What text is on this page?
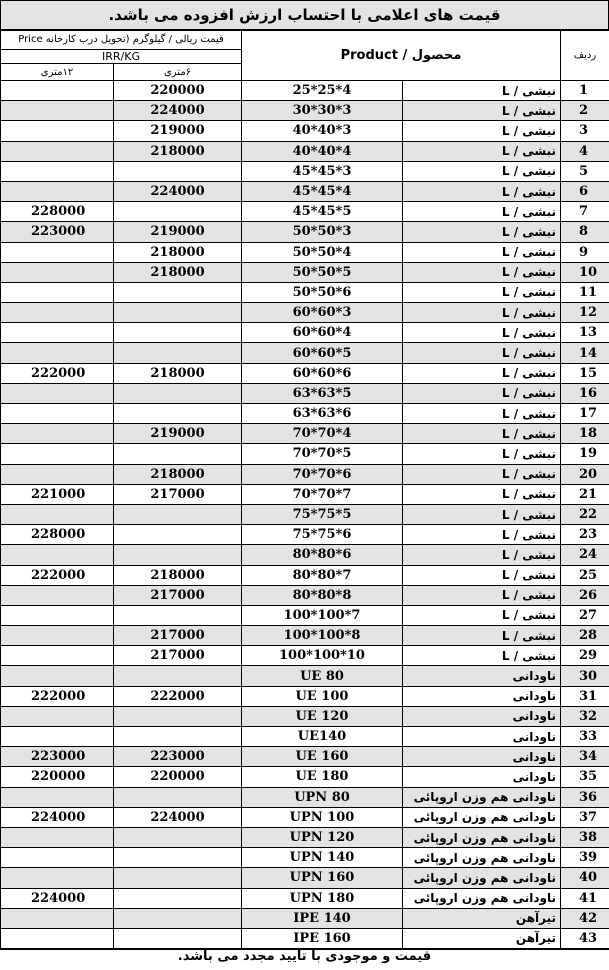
قیمت های اعلامی با احتساب ارزش افزوده می باشد.
قیمت ریالی / گیلوگرم (تحویل درب کارخانه Price		Product / محصول		ردیف
IRR/KG				
۱۲متری	۶متری			
	220000	25*25*4	نبشی / L	1
	224000	30*30*3	نبشی / L	2
	219000	40*40*3	نبشی / L	3
	218000	40*40*4	نبشی / L	4
		45*45*3	نبشی / L	5
	224000	45*45*4	نبشی / L	6
228000		45*45*5	نبشی / L	7
223000	219000	50*50*3	نبشی / L	8
	218000	50*50*4	نبشی / L	9
	218000	50*50*5	نبشی / L	10
		50*50*6	نبشی / L	11
		60*60*3	نبشی / L	12
		60*60*4	نبشی / L	13
		60*60*5	نبشی / L	14
222000	218000	60*60*6	نبشی / L	15
		63*63*5	نبشی / L	16
		63*63*6	نبشی / L	17
	219000	70*70*4	نبشی / L	18
		70*70*5	نبشی / L	19
	218000	70*70*6	نبشی / L	20
221000	217000	70*70*7	نبشی / L	21
		75*75*5	نبشی / L	22
228000		75*75*6	نبشی / L	23
		80*80*6	نبشی / L	24
222000	218000	80*80*7	نبشی / L	25
	217000	80*80*8	نبشی / L	26
		100*100*7	نبشی / L	27
	217000	100*100*8	نبشی / L	28
	217000	100*100*10	نبشی / L	29
		UE 80	ناودانی	30
222000	222000	UE 100	ناودانی	31
		UE 120	ناودانی	32
		UE140	ناودانی	33
223000	223000	UE 160	ناودانی	34
220000	220000	UE 180	ناودانی	35
		UPN 80	ناودانی هم وزن اروپائی	36
224000	224000	UPN 100	ناودانی هم وزن اروپائی	37
		UPN 120	ناودانی هم وزن اروپائی	38
		UPN 140	ناودانی هم وزن اروپائی	39
		UPN 160	ناودانی هم وزن اروپائی	40
224000		UPN 180	ناودانی هم وزن اروپائی	41
		IPE 140	تیرآهن	42
		IPE 160	تیرآهن	43
قیمت و موجودی با تایید مجدد می باشد.
